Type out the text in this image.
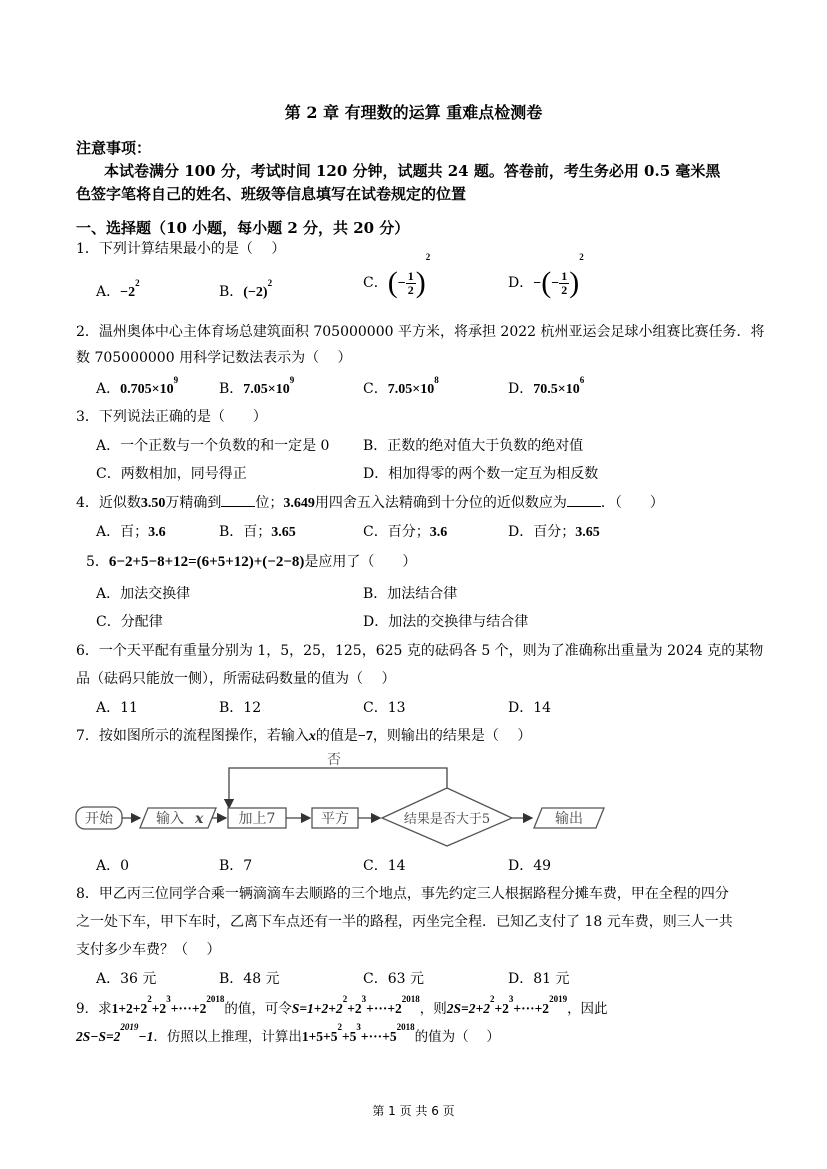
第 2 章 有理数的运算 重难点检测卷
注意事项：
本试卷满分 100 分，考试时间 120 分钟，试题共 24 题。答卷前，考生务必用 0.5 毫米黑
色签字笔将自己的姓名、班级等信息填写在试卷规定的位置
一、选择题（10 小题，每小题 2 分，共 20 分）
1．下列计算结果最小的是（　 ）
A．$-2^2$
B．$(-2)^2$	C．(− $\frac{1}{2} )^2$
D．−(− $\frac{1}{2} )^2$
2．温州奥体中心主体育场总建筑面积 705000000 平方米，将承担 2022 杭州亚运会足球小组赛比赛任务．将
数 705000000 用科学记数法表示为（　 ）
A．$0.705\times 10^9$
B．$7.05\times 10^9$
C．$7.05\times 10^8$
D．$70.5\times 10^6$
3．下列说法正确的是（　　）
A．一个正数与一个负数的和一定是 0 B．正数的绝对值大于负数的绝对值
C．两数相加，同号得正	D．相加得零的两个数一定互为相反数
4．近似数3.50万精确到 位；3.649用四舍五入法精确到十分位的近似数应为 ．（　　）
A．百；3.6	B．百；3.65	C．百分；3.6	D．百分；3.65
5．6−2+5−8+12=(6+5+12)+(−2−8)是应用了（　　）
A．加法交换律	B．加法结合律
C．分配律	D．加法的交换律与结合律
6．一个天平配有重量分别为 1，5，25，125，625 克的砝码各 5 个，则为了准确称出重量为 2024 克的某物
品（砝码只能放一侧），所需砝码数量的值为（　 ）
A．11	B．12	C．13	D．14
7．按如图所示的流程图操作，若输入x的值是−7，则输出的结果是（　 ）
否
开始	输入 x	加上7	平方	结果是否大于5	输出
A．0	B．7	C．14	D．49
8．甲乙丙三位同学合乘一辆滴滴车去顺路的三个地点，事先约定三人根据路程分摊车费，甲在全程的四分
之一处下车，甲下车时，乙离下车点还有一半的路程，丙坐完全程．已知乙支付了 18 元车费，则三人一共
支付多少车费？（　 ）
A．36 元	B．48 元	C．63 元	D．81 元
9．求$1+2+2^2+2^3+\cdot\cdot\cdot+2^{2018}$的值，可令$S=1+2+2^2+2^3+\cdot\cdot\cdot+2^{2018}$，则$2S=2+2^2+2^3+\cdot\cdot\cdot+2^{2019}$，因此
$2S-S=2^{2019}-1$．仿照以上推理，计算出$1+5+5^2+5^3+\cdot\cdot\cdot+5^{2018}$的值为（　 ）
第 1 页 共 6 页
